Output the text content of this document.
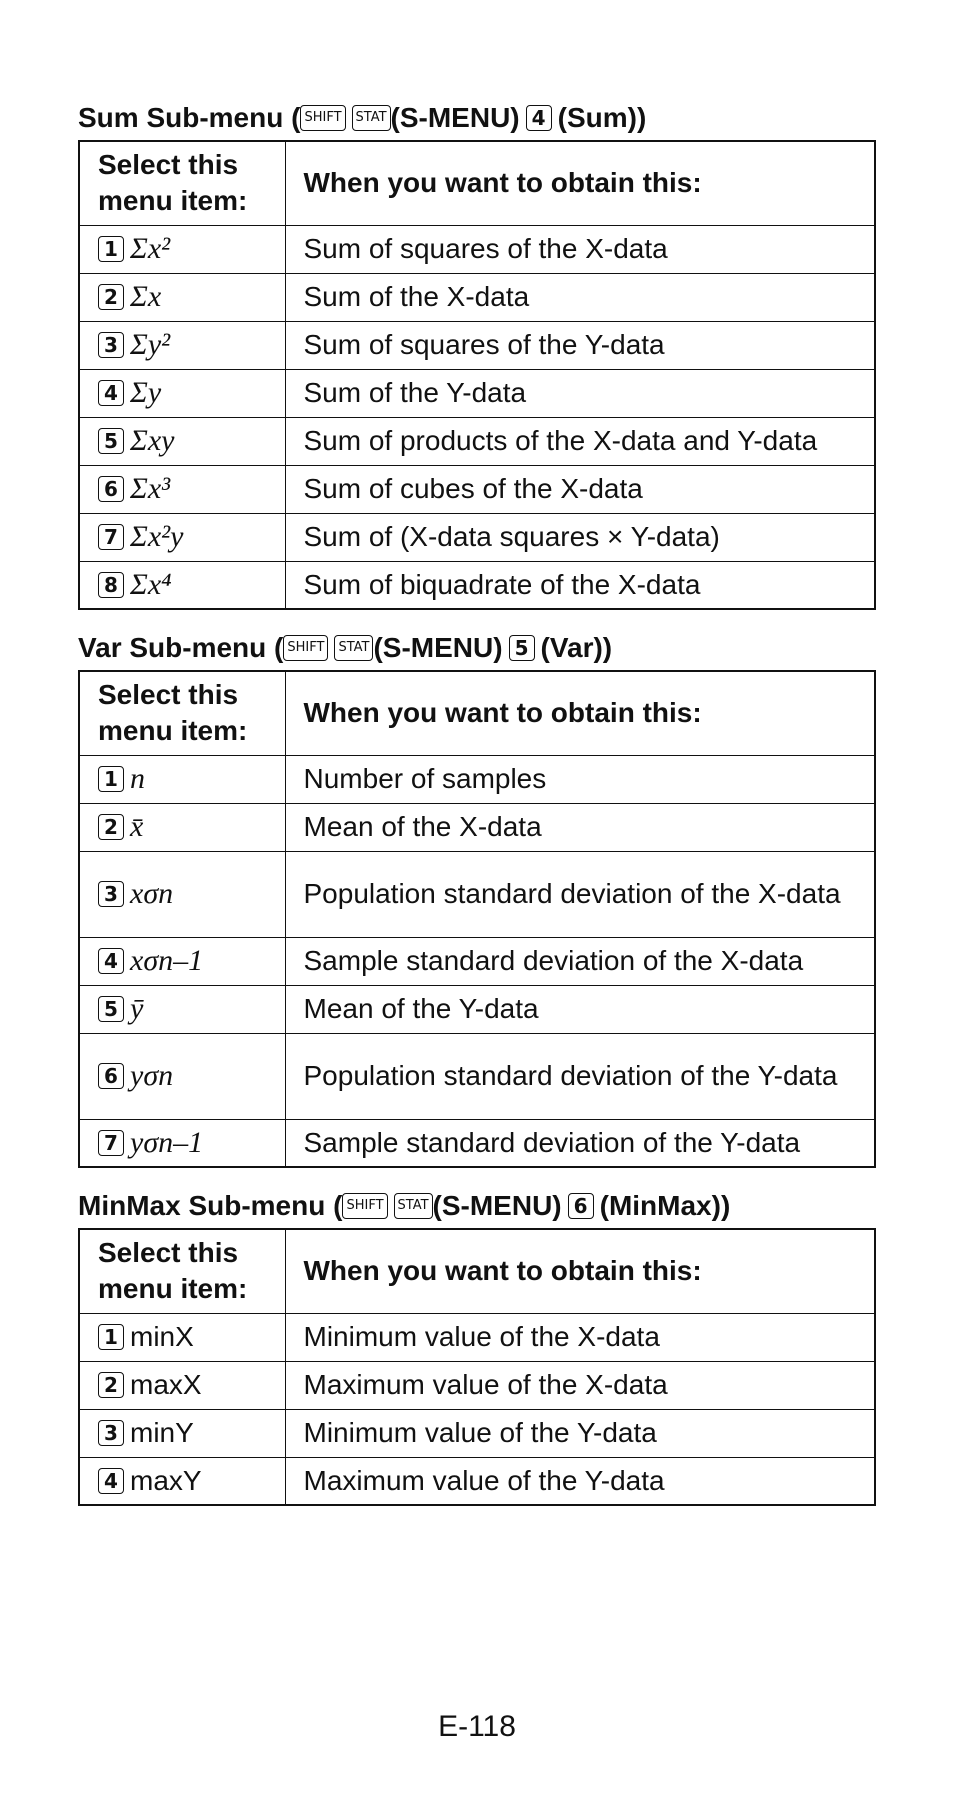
Sum Sub-menu ( SHIFT	STAT (S-MENU) 4 (Sum))
Select this
menu item:	When you want to obtain this:

1 Σx²	Sum of squares of the X-data

2 Σx	Sum of the X-data

3 Σy²	Sum of squares of the Y-data

4 Σy	Sum of the Y-data

5 Σxy	Sum of products of the X-data and Y-data

6 Σx³	Sum of cubes of the X-data

7 Σx²y	Sum of (X-data squares × Y-data)

8 Σx⁴	Sum of biquadrate of the X-data
Var Sub-menu ( SHIFT	STAT (S-MENU) 5 (Var))
Select this
menu item:	When you want to obtain this:

1 n	Number of samples

2 x̄	Mean of the X-data

3 xσn	Population standard deviation of the X-data

4 xσn–1	Sample standard deviation of the X-data

5 ȳ	Mean of the Y-data

6 yσn	Population standard deviation of the Y-data

7 yσn–1	Sample standard deviation of the Y-data
MinMax Sub-menu ( SHIFT	STAT (S-MENU) 6 (MinMax))
Select this
menu item:	When you want to obtain this:

1 minX	Minimum value of the X-data

2 maxX	Maximum value of the X-data

3 minY	Minimum value of the Y-data

4 maxY	Maximum value of the Y-data
E-118
